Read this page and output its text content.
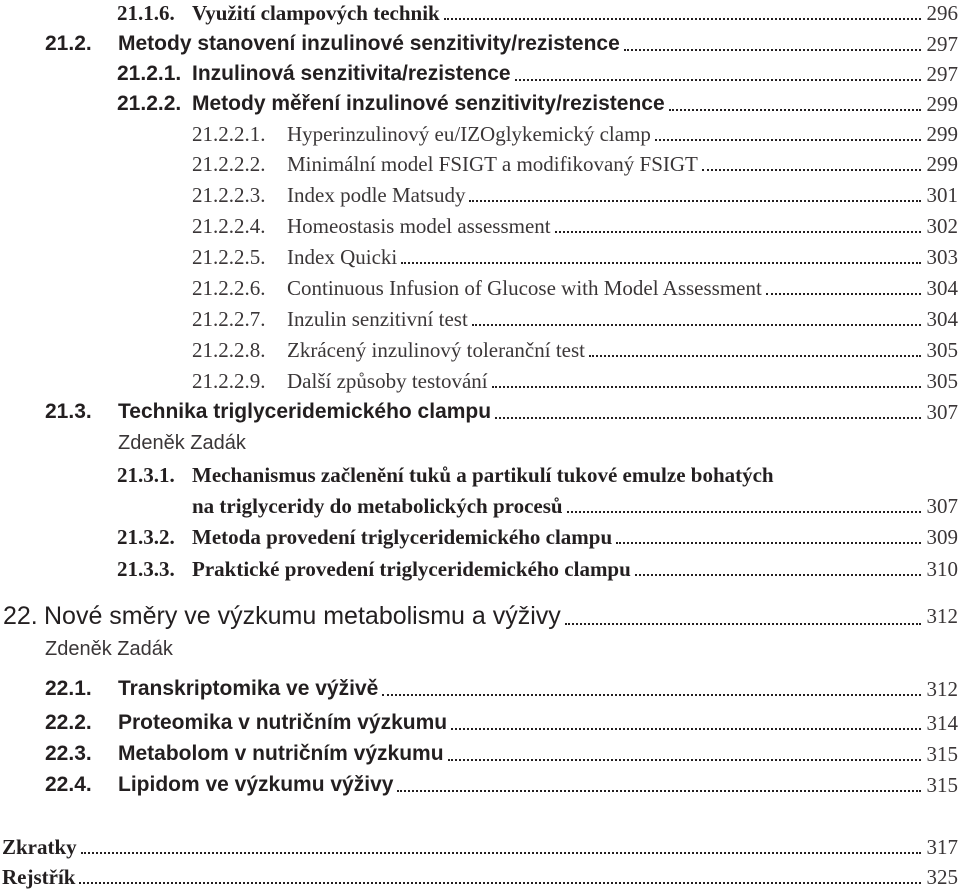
21.1.6. Využití clampových technik	296
21.2. Metody stanovení inzulinové senzitivity/rezistence	297
21.2.1. Inzulinová senzitivita/rezistence	297
21.2.2. Metody měření inzulinové senzitivity/rezistence	299
21.2.2.1. Hyperinzulinový eu/IZOglykemický clamp	299
21.2.2.2. Minimální model FSIGT a modifikovaný FSIGT	299
21.2.2.3. Index podle Matsudy	301
21.2.2.4. Homeostasis model assessment	302
21.2.2.5. Index Quicki	303
21.2.2.6. Continuous Infusion of Glucose with Model Assessment	304
21.2.2.7. Inzulin senzitivní test	304
21.2.2.8. Zkrácený inzulinový toleranční test	305
21.2.2.9. Další způsoby testování	305
21.3. Technika triglyceridemického clampu	307
Zdeněk Zadák
21.3.1. Mechanismus začlenění tuků a partikulí tukové emulze bohatých
na triglyceridy do metabolických procesů	307
21.3.2. Metoda provedení triglyceridemického clampu	309
21.3.3. Praktické provedení triglyceridemického clampu	310
22. Nové směry ve výzkumu metabolismu a výživy	312
Zdeněk Zadák
22.1. Transkriptomika ve výživě	312
22.2. Proteomika v nutričním výzkumu	314
22.3. Metabolom v nutričním výzkumu	315
22.4. Lipidom ve výzkumu výživy	315
Zkratky	317
Rejstřík	325
